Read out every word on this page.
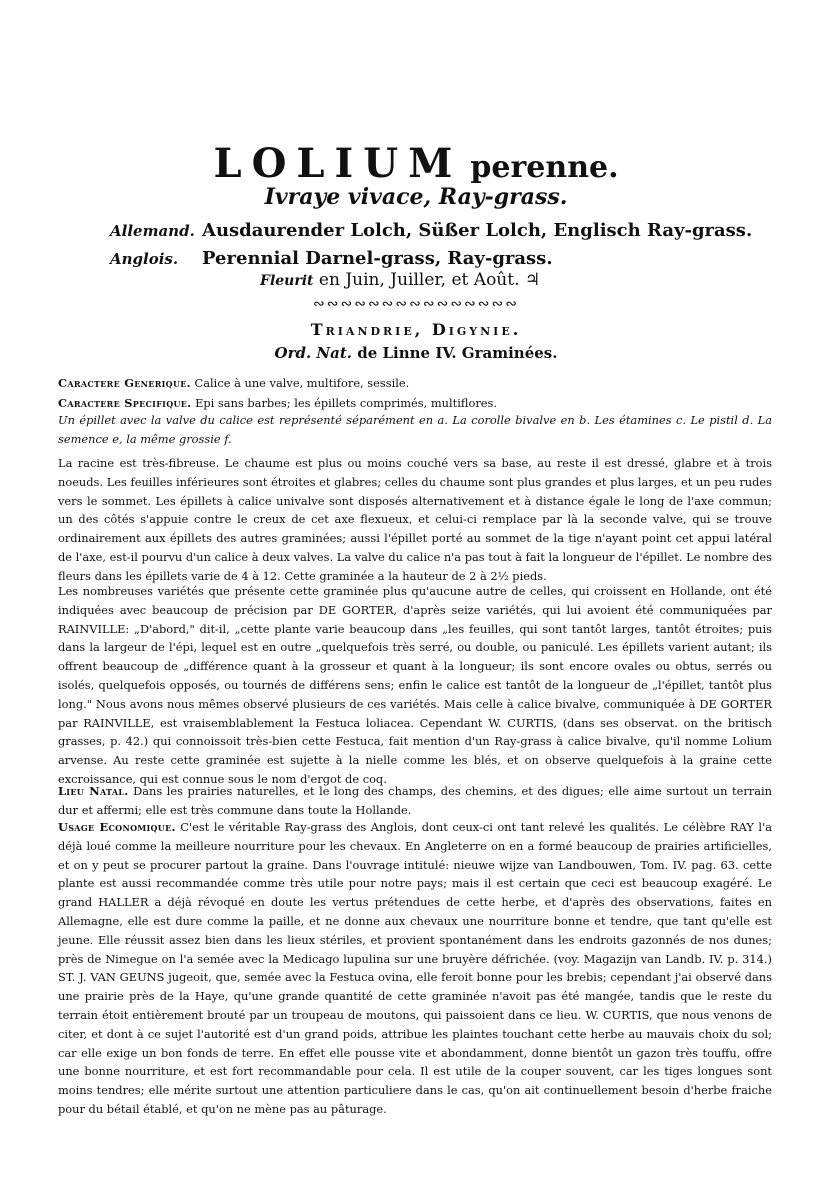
LOLIUM perenne.
Ivraye vivace, Ray-grass.
Allemand. Ausdaurender Lolch, Süßer Lolch, Englisch Ray-grass.
Anglois. Perennial Darnel-grass, Ray-grass.
Fleurit en Juin, Juiller, et Août. ♃
∾∾∾∾∾∾∾∾∾∾∾∾∾∾∾
Triandrie, Digynie.
Ord. Nat. de Linne IV. Graminées.

Caractere Generique. Calice à une valve, multifore, sessile.

Caractere Specifique. Epi sans barbes; les épillets comprimés, multiflores.

Un épillet avec la valve du calice est représenté séparément en a. La corolle bivalve en b. Les étamines c. Le pistil d. La semence e, la même grossie f.

La racine est très-fibreuse. Le chaume est plus ou moins couché vers sa base, au reste il est dressé, glabre et à trois noeuds. Les feuilles inférieures sont étroites et glabres; celles du chaume sont plus grandes et plus larges, et un peu rudes vers le sommet. Les épillets à calice univalve sont disposés alternativement et à distance égale le long de l'axe commun; un des côtés s'appuie contre le creux de cet axe flexueux, et celui-ci remplace par là la seconde valve, qui se trouve ordinairement aux épillets des autres graminées; aussi l'épillet porté au sommet de la tige n'ayant point cet appui latéral de l'axe, est-il pourvu d'un calice à deux valves. La valve du calice n'a pas tout à fait la longueur de l'épillet. Le nombre des fleurs dans les épillets varie de 4 à 12. Cette graminée a la hauteur de 2 à 2½ pieds.

Les nombreuses variétés que présente cette graminée plus qu'aucune autre de celles, qui croissent en Hollande, ont été indiquées avec beaucoup de précision par DE GORTER, d'après seize variétés, qui lui avoient été communiquées par RAINVILLE: „D'abord," dit-il, „cette plante varie beaucoup dans „les feuilles, qui sont tantôt larges, tantôt étroites; puis dans la largeur de l'épi, lequel est en outre „quelquefois très serré, ou double, ou paniculé. Les épillets varient autant; ils offrent beaucoup de „différence quant à la grosseur et quant à la longueur; ils sont encore ovales ou obtus, serrés ou isolés, quelquefois opposés, ou tournés de différens sens; enfin le calice est tantôt de la longueur de „l'épillet, tantôt plus long." Nous avons nous mêmes observé plusieurs de ces variétés. Mais celle à calice bivalve, communiquée à DE GORTER par RAINVILLE, est vraisemblablement la Festuca loliacea. Cependant W. CURTIS, (dans ses observat. on the britisch grasses, p. 42.) qui connoissoit très-bien cette Festuca, fait mention d'un Ray-grass à calice bivalve, qu'il nomme Lolium arvense. Au reste cette graminée est sujette à la nielle comme les blés, et on observe quelquefois à la graine cette excroissance, qui est connue sous le nom d'ergot de coq.

Lieu Natal. Dans les prairies naturelles, et le long des champs, des chemins, et des digues; elle aime surtout un terrain dur et affermi; elle est très commune dans toute la Hollande.

Usage Economique. C'est le véritable Ray-grass des Anglois, dont ceux-ci ont tant relevé les qualités. Le célèbre RAY l'a déjà loué comme la meilleure nourriture pour les chevaux. En Angleterre on en a formé beaucoup de prairies artificielles, et on y peut se procurer partout la graine. Dans l'ouvrage intitulé: nieuwe wijze van Landbouwen, Tom. IV. pag. 63. cette plante est aussi recommandée comme très utile pour notre pays; mais il est certain que ceci est beaucoup exagéré. Le grand HALLER a déjà révoqué en doute les vertus prétendues de cette herbe, et d'après des observations, faites en Allemagne, elle est dure comme la paille, et ne donne aux chevaux une nourriture bonne et tendre, que tant qu'elle est jeune. Elle réussit assez bien dans les lieux stériles, et provient spontanément dans les endroits gazonnés de nos dunes; près de Nimegue on l'a semée avec la Medicago lupulina sur une bruyère défrichée. (voy. Magazijn van Landb. IV. p. 314.) ST. J. VAN GEUNS jugeoit, que, semée avec la Festuca ovina, elle feroit bonne pour les brebis; cependant j'ai observé dans une prairie près de la Haye, qu'une grande quantité de cette graminée n'avoit pas été mangée, tandis que le reste du terrain étoit entièrement brouté par un troupeau de moutons, qui paissoient dans ce lieu. W. CURTIS, que nous venons de citer, et dont à ce sujet l'autorité est d'un grand poids, attribue les plaintes touchant cette herbe au mauvais choix du sol; car elle exige un bon fonds de terre. En effet elle pousse vite et abondamment, donne bientôt un gazon très touffu, offre une bonne nourriture, et est fort recommandable pour cela. Il est utile de la couper souvent, car les tiges longues sont moins tendres; elle mérite surtout une attention particuliere dans le cas, qu'on ait continuellement besoin d'herbe fraiche pour du bétail établé, et qu'on ne mène pas au pâturage.
